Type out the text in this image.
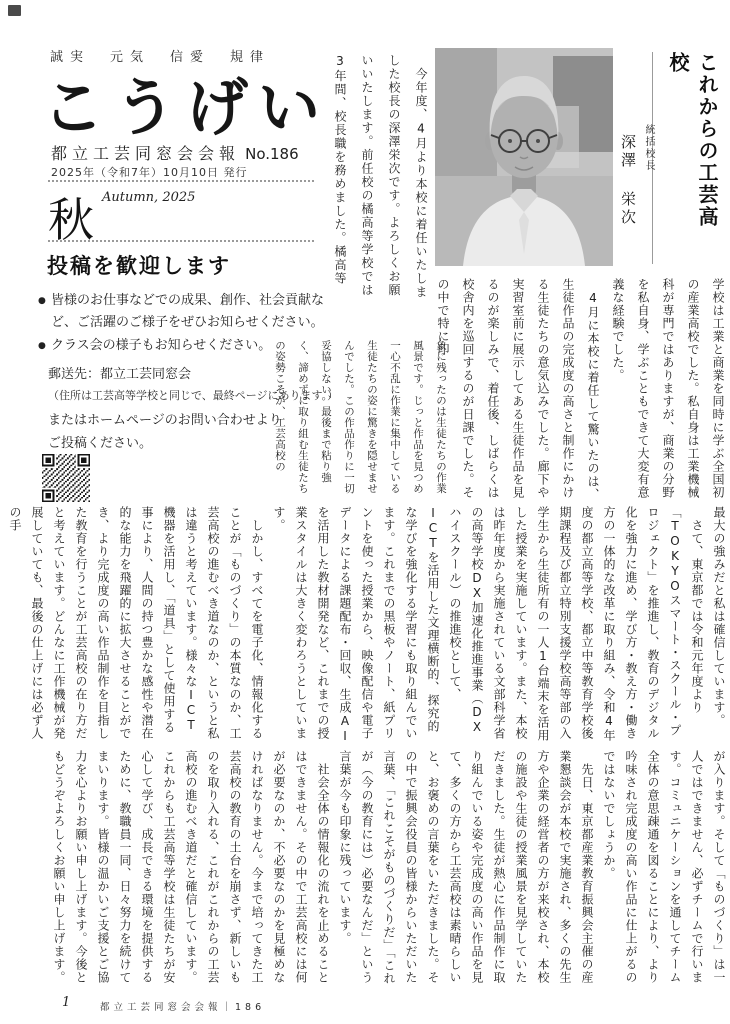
誠実　元気　信愛　規律
こうげい
都立工芸同窓会会報 No.186
2025年（令和7年）10月10日 発行
秋 Autumn, 2025
投稿を歓迎します
● 皆様のお仕事などでの成果、創作、社会貢献など、ご活躍のご様子をぜひお知らせください。
● クラス会の様子もお知らせください。
郵送先：都立工芸同窓会
（住所は工芸高等学校と同じで、最終ページにあります。）
またはホームページのお問い合わせより
ご投稿ください。
これからの工芸高校
統括校長 深澤 栄次

　今年度、4月より本校に着任いたしました校長の深澤栄次です。よろしくお願いいたします。前任校の橘高等学校では3年間、校長職を務めました。橘高等

学校は工業と商業を同時に学ぶ全国初の産業高校でした。私自身は工業機械科が専門ではありますが、商業の分野を私自身、学ぶこともできて大変有意義な経験でした。

　4月に本校に着任して驚いたのは、生徒作品の完成度の高さと制作にかける生徒たちの意気込みでした。廊下や実習室前に展示してある生徒作品を見るのが楽しみで、着任後、しばらくは校舎内を巡回するのが日課でした。その中で特に印

象に残ったのは生徒たちの作業風景です。じっと作品を見つめ一心不乱に作業に集中している生徒たちの姿に驚きを隠せませんでした。この作品作りに一切妥協しない、最後まで粘り強く、諦めずに取り組む生徒たちの姿勢こそが、工芸高校の

最大の強みだと私は確信しています。

　さて、東京都では令和元年度より「TOKYOスマート・スクール・プロジェクト」を推進し、教育のデジタル化を強力に進め、学び方・教え方・働き方の一体的な改革に取り組み、令和4年度の都立高等学校、都立中等教育学校後期課程及び都立特別支援学校高等部の入学生から生徒所有の一人1台端末を活用した授業を実施しています。また、本校は昨年度から実施されている文部科学省の高等学校DX加速化推進事業（DXハイスクール）の推進校として、ICTを活用した文理横断的、探究的な学びを強化する学習にも取り組んでいます。これまでの黒板やノート、紙プリントを使った授業から、映像配信や電子データによる課題配布・回収、生成AIを活用した教材開発など、これまでの授業スタイルは大きく変わろうとしています。

　しかし、すべてを電子化、情報化することが「ものづくり」の本質なのか、工芸高校の進むべき道なのか、というと私は違うと考えています。様々なICT機器を活用し、「道具」として使用する事により、人間の持つ豊かな感性や潜在的な能力を飛躍的に拡大させることができ、より完成度の高い作品制作を目指した教育を行うことが工芸高校の在り方だと考えています。どんなに工作機械が発展していても、最後の仕上げには必ず人の手

が入ります。そして「ものづくり」は一人ではできません、必ずチームで行います。コミュニケーションを通してチーム全体の意思疎通を図ることにより、より吟味され完成度の高い作品に仕上がるのではないでしょうか。

　先日、東京都産業教育振興会主催の産業懇談会が本校で実施され、多くの先生方や企業の経営者の方が来校され、本校の施設や生徒の授業風景を見学していただきました。生徒が熱心に作品制作に取り組んでいる姿や完成度の高い作品を見て、多くの方から工芸高校は素晴らしいと、お褒めの言葉をいただきました。その中で振興会役員の皆様からいただいた言葉、「これこそがものづくりだ」「これが（今の教育には）必要なんだ」という言葉が今も印象に残っています。

　社会全体の情報化の流れを止めることはできません。その中で工芸高校には何が必要なのか、不必要なのかを見極めなければなりません。今まで培ってきた工芸高校の教育の土台を崩さず、新しいものを取り入れる、これがこれからの工芸高校の進むべき道だと確信しています。これからも工芸高等学校は生徒たちが安心して学び、成長できる環境を提供するために、教職員一同、日々努力を続けてまいります。皆様の温かいご支援とご協力を心よりお願い申し上げます。今後ともどうぞよろしくお願い申し上げます。

1	都立工芸同窓会会報｜186
